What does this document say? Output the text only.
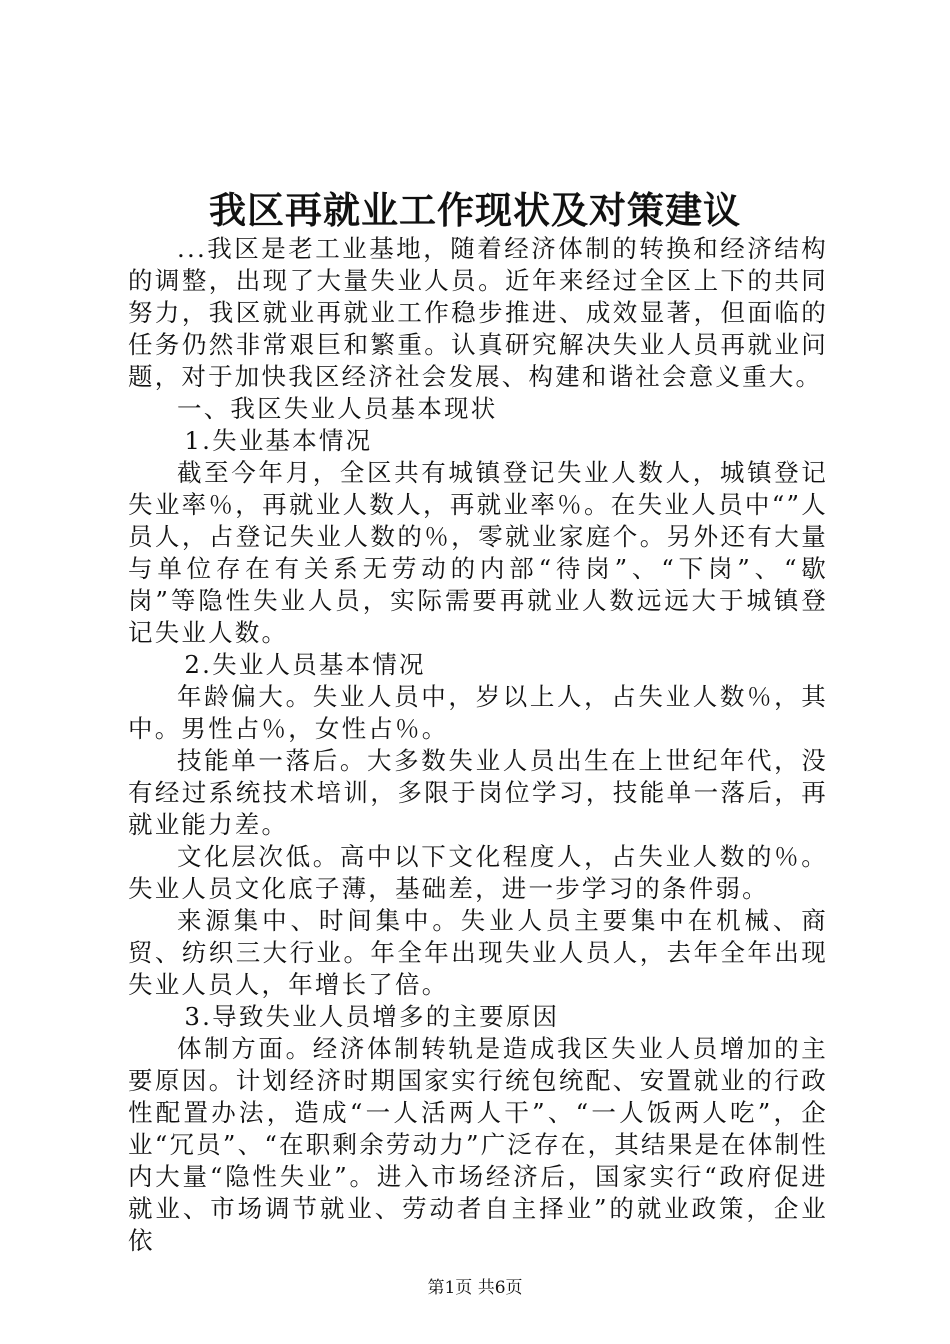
我区再就业工作现状及对策建议

...我区是老工业基地，随着经济体制的转换和经济结构的调整，出现了大量失业人员。近年来经过全区上下的共同努力，我区就业再就业工作稳步推进、成效显著，但面临的任务仍然非常艰巨和繁重。认真研究解决失业人员再就业问题，对于加快我区经济社会发展、构建和谐社会意义重大。

一、我区失业人员基本现状

1.失业基本情况

截至今年月，全区共有城镇登记失业人数人，城镇登记失业率％，再就业人数人，再就业率％。在失业人员中“”人员人，占登记失业人数的％，零就业家庭个。另外还有大量与单位存在有关系无劳动的内部“待岗”、“下岗”、“歇岗”等隐性失业人员，实际需要再就业人数远远大于城镇登记失业人数。

2.失业人员基本情况

年龄偏大。失业人员中，岁以上人，占失业人数％，其中。男性占％，女性占％。

技能单一落后。大多数失业人员出生在上世纪年代，没有经过系统技术培训，多限于岗位学习，技能单一落后，再就业能力差。

文化层次低。高中以下文化程度人，占失业人数的％。失业人员文化底子薄，基础差，进一步学习的条件弱。

来源集中、时间集中。失业人员主要集中在机械、商贸、纺织三大行业。年全年出现失业人员人，去年全年出现失业人员人，年增长了倍。

3.导致失业人员增多的主要原因

体制方面。经济体制转轨是造成我区失业人员增加的主要原因。计划经济时期国家实行统包统配、安置就业的行政性配置办法，造成“一人活两人干”、“一人饭两人吃”，企业“冗员”、“在职剩余劳动力”广泛存在，其结果是在体制性内大量“隐性失业”。进入市场经济后，国家实行“政府促进就业、市场调节就业、劳动者自主择业”的就业政策，企业依

第1页 共6页
